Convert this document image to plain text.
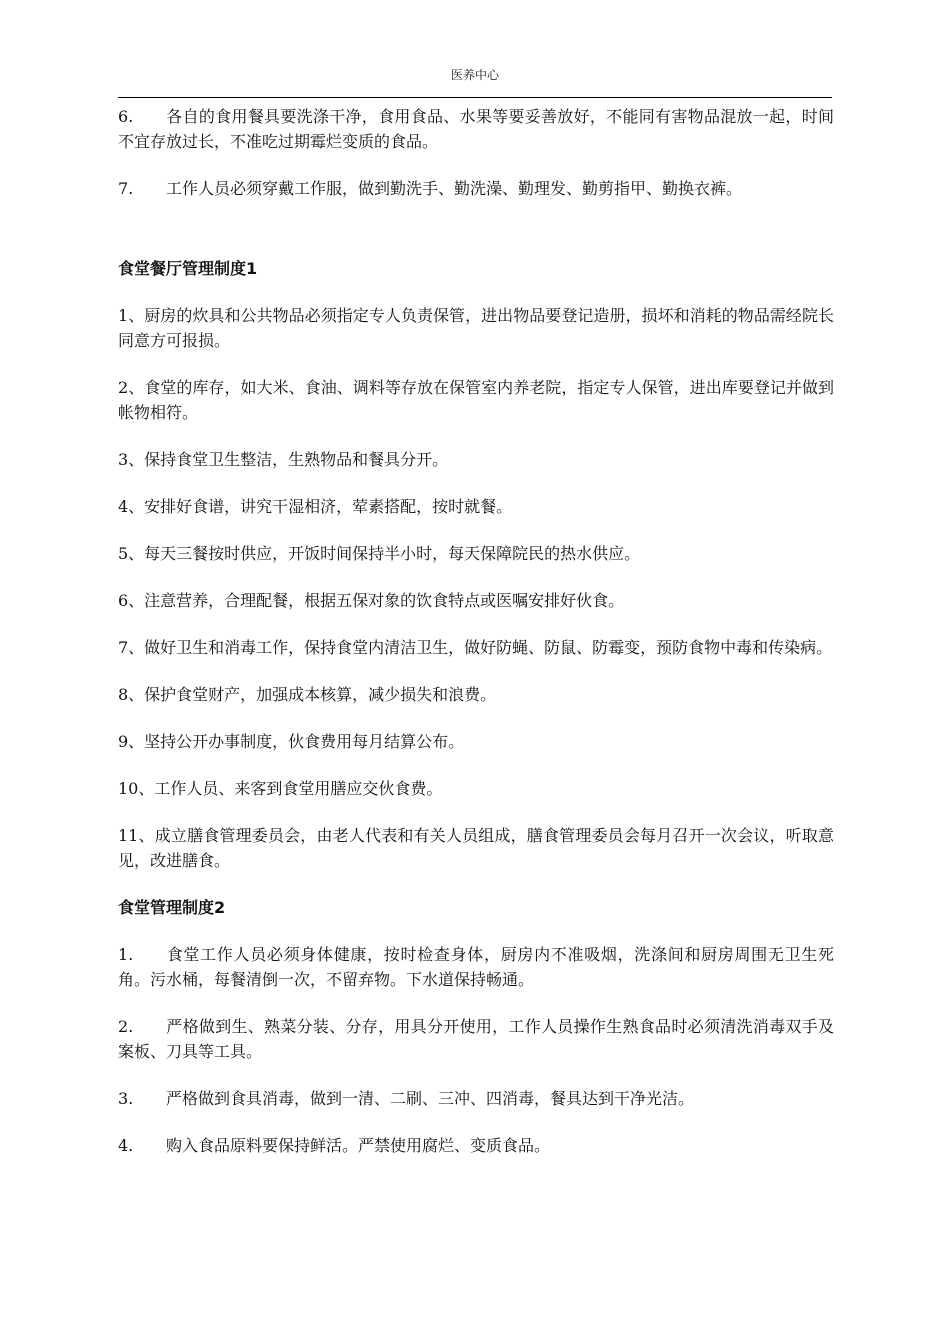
医养中心

6. 各自的食用餐具要洗涤干净，食用食品、水果等要妥善放好，不能同有害物品混放一起，时间不宜存放过长，不准吃过期霉烂变质的食品。

7. 工作人员必须穿戴工作服，做到勤洗手、勤洗澡、勤理发、勤剪指甲、勤换衣裤。

食堂餐厅管理制度1

1、厨房的炊具和公共物品必须指定专人负责保管，进出物品要登记造册，损坏和消耗的物品需经院长同意方可报损。

2、食堂的库存，如大米、食油、调料等存放在保管室内养老院，指定专人保管，进出库要登记并做到帐物相符。

3、保持食堂卫生整洁，生熟物品和餐具分开。

4、安排好食谱，讲究干湿相济，荤素搭配，按时就餐。

5、每天三餐按时供应，开饭时间保持半小时，每天保障院民的热水供应。

6、注意营养，合理配餐，根据五保对象的饮食特点或医嘱安排好伙食。

7、做好卫生和消毒工作，保持食堂内清洁卫生，做好防蝇、防鼠、防霉变，预防食物中毒和传染病。

8、保护食堂财产，加强成本核算，减少损失和浪费。

9、坚持公开办事制度，伙食费用每月结算公布。

10、工作人员、来客到食堂用膳应交伙食费。

11、成立膳食管理委员会，由老人代表和有关人员组成，膳食管理委员会每月召开一次会议，听取意见，改进膳食。

食堂管理制度2

1. 食堂工作人员必须身体健康，按时检查身体，厨房内不准吸烟，洗涤间和厨房周围无卫生死角。污水桶，每餐清倒一次，不留弃物。下水道保持畅通。

2. 严格做到生、熟菜分装、分存，用具分开使用，工作人员操作生熟食品时必须清洗消毒双手及案板、刀具等工具。

3. 严格做到食具消毒，做到一清、二刷、三冲、四消毒，餐具达到干净光洁。

4. 购入食品原料要保持鲜活。严禁使用腐烂、变质食品。
